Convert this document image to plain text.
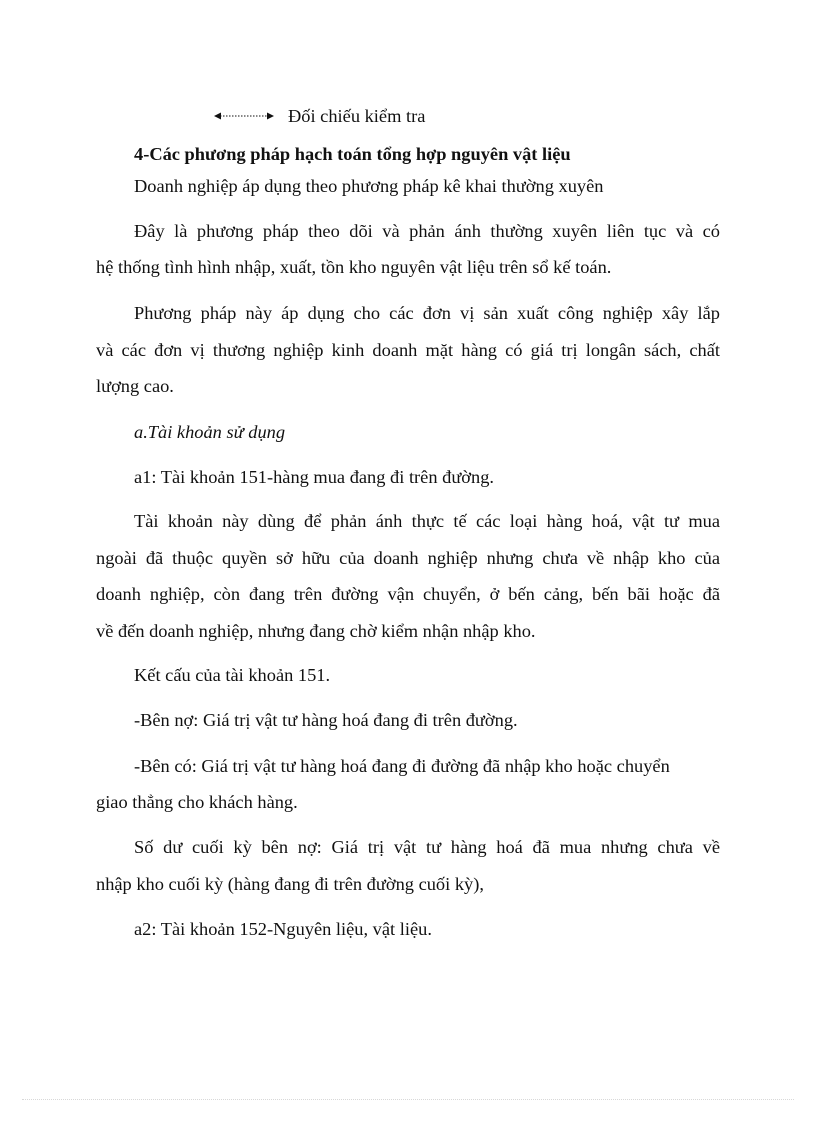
Đối chiếu kiểm tra
4-Các phương pháp hạch toán tổng hợp nguyên vật liệu
Doanh nghiệp áp dụng theo phương pháp kê khai thường xuyên
Đây là phương pháp theo dõi và phản ánh thường xuyên liên tục và có
hệ thống tình hình nhập, xuất, tồn kho nguyên vật liệu trên sổ kế toán.
Phương pháp này áp dụng cho các đơn vị sản xuất công nghiệp xây lắp
và các đơn vị thương nghiệp kinh doanh mặt hàng có giá trị longân sách, chất
lượng cao.
a.Tài khoản sử dụng
a1: Tài khoản 151-hàng mua đang đi trên đường.
Tài khoản này dùng để phản ánh thực tế các loại hàng hoá, vật tư mua
ngoài đã thuộc quyền sở hữu của doanh nghiệp nhưng chưa về nhập kho của
doanh nghiệp, còn đang trên đường vận chuyển, ở bến cảng, bến bãi hoặc đã
về đến doanh nghiệp, nhưng đang chờ kiểm nhận nhập kho.
Kết cấu của tài khoản 151.
-Bên nợ: Giá trị vật tư hàng hoá đang đi trên đường.
-Bên có: Giá trị vật tư hàng hoá đang đi đường đã nhập kho hoặc chuyển
giao thẳng cho khách hàng.
Số dư cuối kỳ bên nợ: Giá trị vật tư hàng hoá đã mua nhưng chưa về
nhập kho cuối kỳ (hàng đang đi trên đường cuối kỳ),
a2: Tài khoản 152-Nguyên liệu, vật liệu.
